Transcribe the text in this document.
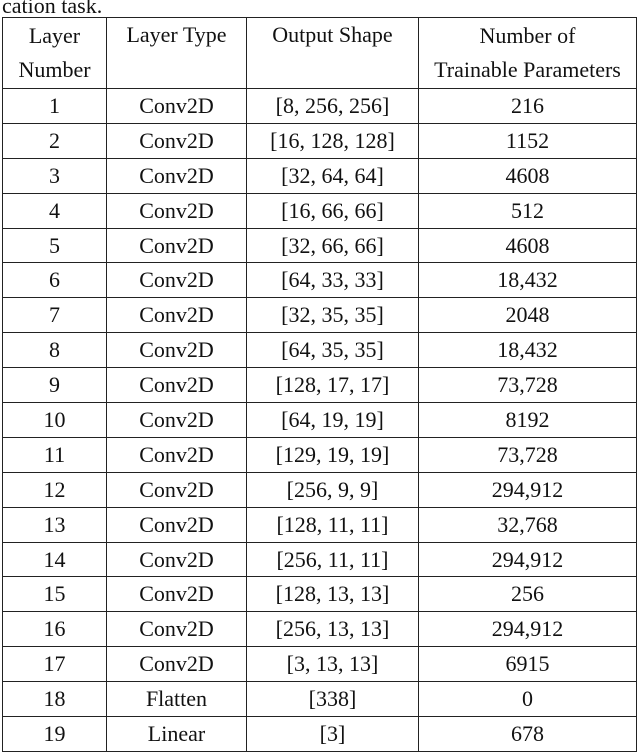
cation task.
Layer
Number	Layer Type	Output Shape	Number of
Trainable Parameters

1	Conv2D	[8, 256, 256]	216
2	Conv2D	[16, 128, 128]	1152
3	Conv2D	[32, 64, 64]	4608
4	Conv2D	[16, 66, 66]	512
5	Conv2D	[32, 66, 66]	4608
6	Conv2D	[64, 33, 33]	18,432
7	Conv2D	[32, 35, 35]	2048
8	Conv2D	[64, 35, 35]	18,432
9	Conv2D	[128, 17, 17]	73,728
10	Conv2D	[64, 19, 19]	8192
11	Conv2D	[129, 19, 19]	73,728
12	Conv2D	[256, 9, 9]	294,912
13	Conv2D	[128, 11, 11]	32,768
14	Conv2D	[256, 11, 11]	294,912
15	Conv2D	[128, 13, 13]	256
16	Conv2D	[256, 13, 13]	294,912
17	Conv2D	[3, 13, 13]	6915
18	Flatten	[338]	0
19	Linear	[3]	678
